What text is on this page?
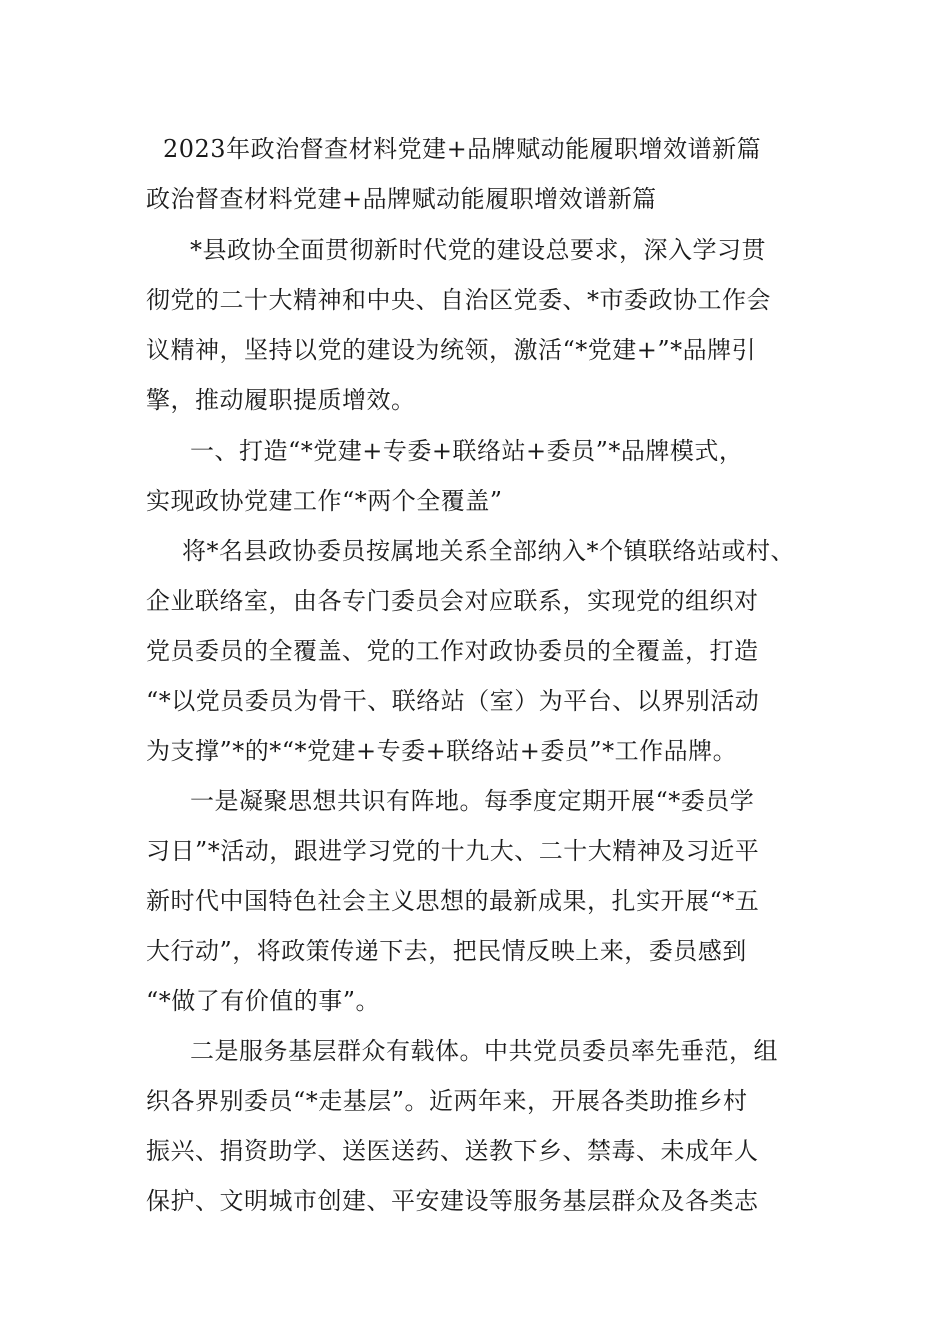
2023年政治督查材料党建+品牌赋动能履职增效谱新篇
政治督查材料党建+品牌赋动能履职增效谱新篇
*县政协全面贯彻新时代党的建设总要求，深入学习贯
彻党的二十大精神和中央、自治区党委、*市委政协工作会
议精神，坚持以党的建设为统领，激活“*党建+”*品牌引
擎，推动履职提质增效。
一、打造“*党建+专委+联络站+委员”*品牌模式，
实现政协党建工作“*两个全覆盖”
将*名县政协委员按属地关系全部纳入*个镇联络站或村、
企业联络室，由各专门委员会对应联系，实现党的组织对
党员委员的全覆盖、党的工作对政协委员的全覆盖，打造
“*以党员委员为骨干、联络站（室）为平台、以界别活动
为支撑”*的*“*党建+专委+联络站+委员”*工作品牌。
一是凝聚思想共识有阵地。每季度定期开展“*委员学
习日”*活动，跟进学习党的十九大、二十大精神及习近平
新时代中国特色社会主义思想的最新成果，扎实开展“*五
大行动”，将政策传递下去，把民情反映上来，委员感到
“*做了有价值的事”。
二是服务基层群众有载体。中共党员委员率先垂范，组
织各界别委员“*走基层”。近两年来，开展各类助推乡村
振兴、捐资助学、送医送药、送教下乡、禁毒、未成年人
保护、文明城市创建、平安建设等服务基层群众及各类志
